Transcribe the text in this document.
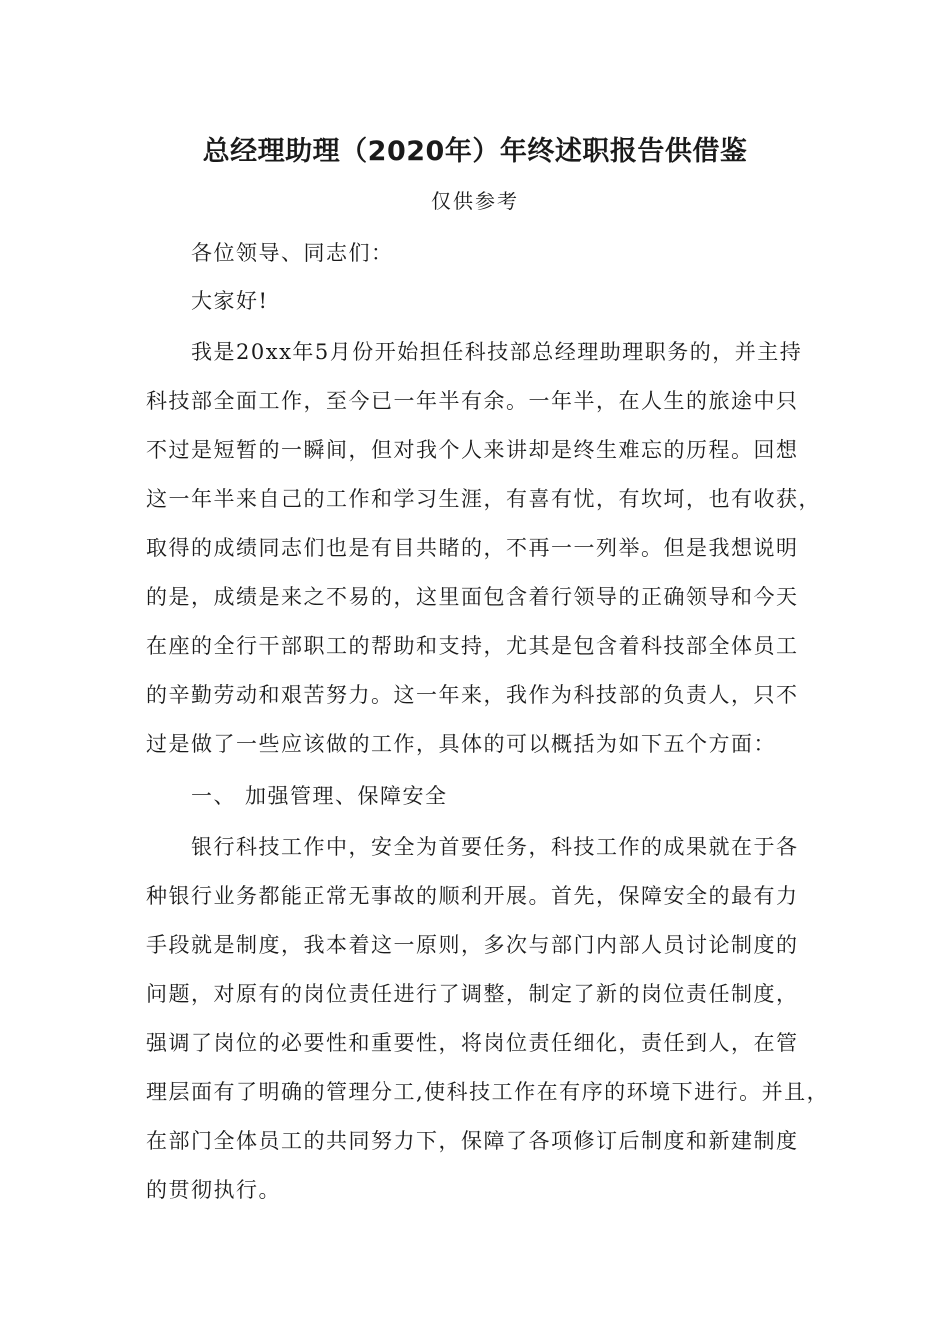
总经理助理（2020年）年终述职报告供借鉴
仅供参考
各位领导、同志们：
大家好!
我是20xx年5月份开始担任科技部总经理助理职务的，并主持
科技部全面工作，至今已一年半有余。一年半，在人生的旅途中只
不过是短暂的一瞬间，但对我个人来讲却是终生难忘的历程。回想
这一年半来自己的工作和学习生涯，有喜有忧，有坎坷，也有收获，
取得的成绩同志们也是有目共睹的，不再一一列举。但是我想说明
的是，成绩是来之不易的，这里面包含着行领导的正确领导和今天
在座的全行干部职工的帮助和支持，尤其是包含着科技部全体员工
的辛勤劳动和艰苦努力。这一年来，我作为科技部的负责人，只不
过是做了一些应该做的工作，具体的可以概括为如下五个方面：
一、 加强管理、保障安全
银行科技工作中，安全为首要任务，科技工作的成果就在于各
种银行业务都能正常无事故的顺利开展。首先，保障安全的最有力
手段就是制度，我本着这一原则，多次与部门内部人员讨论制度的
问题，对原有的岗位责任进行了调整，制定了新的岗位责任制度，
强调了岗位的必要性和重要性，将岗位责任细化，责任到人，在管
理层面有了明确的管理分工,使科技工作在有序的环境下进行。并且，
在部门全体员工的共同努力下，保障了各项修订后制度和新建制度
的贯彻执行。
